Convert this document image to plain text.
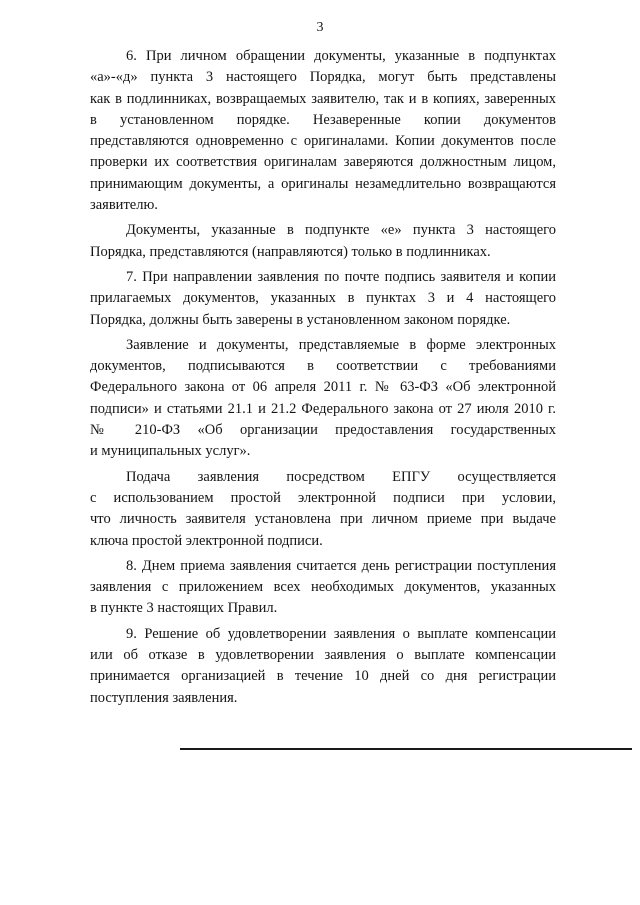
3
6. При личном обращении документы, указанные в подпунктах
«а»-«д» пункта 3 настоящего Порядка, могут быть представлены
как в подлинниках, возвращаемых заявителю, так и в копиях, заверенных
в установленном порядке. Незаверенные копии документов
представляются одновременно с оригиналами. Копии документов после
проверки их соответствия оригиналам заверяются должностным лицом,
принимающим документы, а оригиналы незамедлительно возвращаются
заявителю.
Документы, указанные в подпункте «е» пункта 3 настоящего
Порядка, представляются (направляются) только в подлинниках.
7. При направлении заявления по почте подпись заявителя и копии
прилагаемых документов, указанных в пунктах 3 и 4 настоящего
Порядка, должны быть заверены в установленном законом порядке.
Заявление и документы, представляемые в форме электронных
документов, подписываются в соответствии с требованиями
Федерального закона от 06 апреля 2011 г. № 63-ФЗ «Об электронной
подписи» и статьями 21.1 и 21.2 Федерального закона от 27 июля 2010 г.
№ 210-ФЗ «Об организации предоставления государственных
и муниципальных услуг».
Подача заявления посредством ЕПГУ осуществляется
с использованием простой электронной подписи при условии,
что личность заявителя установлена при личном приеме при выдаче
ключа простой электронной подписи.
8. Днем приема заявления считается день регистрации поступления
заявления с приложением всех необходимых документов, указанных
в пункте 3 настоящих Правил.
9. Решение об удовлетворении заявления о выплате компенсации
или об отказе в удовлетворении заявления о выплате компенсации
принимается организацией в течение 10 дней со дня регистрации
поступления заявления.
